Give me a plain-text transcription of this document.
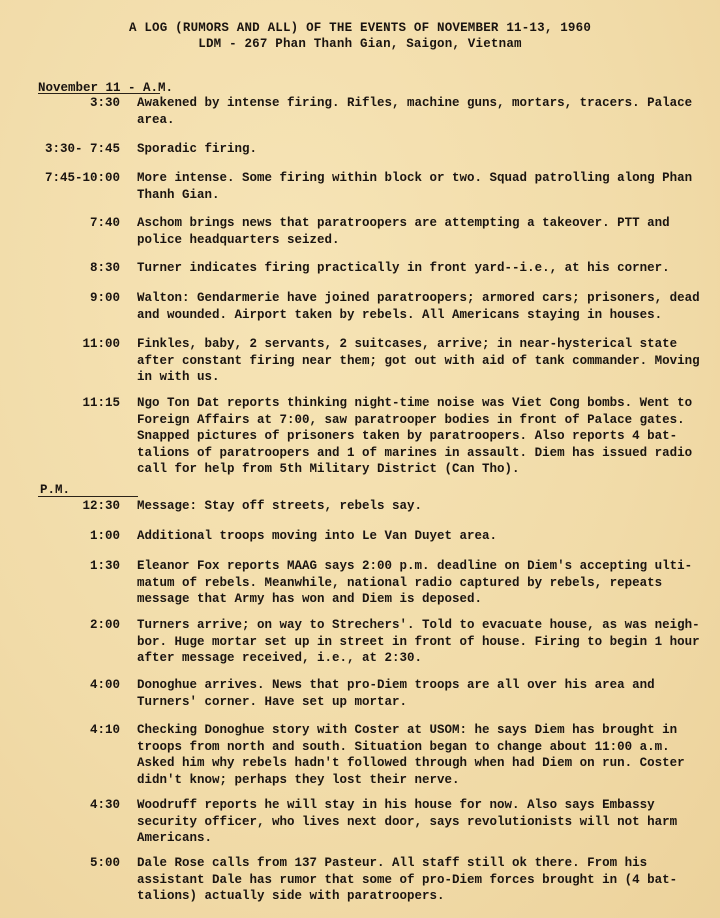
A LOG (RUMORS AND ALL) OF THE EVENTS OF NOVEMBER 11-13, 1960
LDM - 267 Phan Thanh Gian, Saigon, Vietnam
November 11 - A.M.
P.M.
3:30 Awakened by intense firing. Rifles, machine guns, mortars, tracers. Palace
area.
3:30- 7:45 Sporadic firing.
7:45-10:00 More intense. Some firing within block or two. Squad patrolling along Phan
Thanh Gian.
7:40 Aschom brings news that paratroopers are attempting a takeover. PTT and
police headquarters seized.
8:30 Turner indicates firing practically in front yard--i.e., at his corner.
9:00 Walton: Gendarmerie have joined paratroopers; armored cars; prisoners, dead
and wounded. Airport taken by rebels. All Americans staying in houses.
11:00 Finkles, baby, 2 servants, 2 suitcases, arrive; in near-hysterical state
after constant firing near them; got out with aid of tank commander. Moving
in with us.
11:15 Ngo Ton Dat reports thinking night-time noise was Viet Cong bombs. Went to
Foreign Affairs at 7:00, saw paratrooper bodies in front of Palace gates.
Snapped pictures of prisoners taken by paratroopers. Also reports 4 bat-
talions of paratroopers and 1 of marines in assault. Diem has issued radio
call for help from 5th Military District (Can Tho).
12:30 Message: Stay off streets, rebels say.
1:00 Additional troops moving into Le Van Duyet area.
1:30 Eleanor Fox reports MAAG says 2:00 p.m. deadline on Diem's accepting ulti-
matum of rebels. Meanwhile, national radio captured by rebels, repeats
message that Army has won and Diem is deposed.
2:00 Turners arrive; on way to Strechers'. Told to evacuate house, as was neigh-
bor. Huge mortar set up in street in front of house. Firing to begin 1 hour
after message received, i.e., at 2:30.
4:00 Donoghue arrives. News that pro-Diem troops are all over his area and
Turners' corner. Have set up mortar.
4:10 Checking Donoghue story with Coster at USOM: he says Diem has brought in
troops from north and south. Situation began to change about 11:00 a.m.
Asked him why rebels hadn't followed through when had Diem on run. Coster
didn't know; perhaps they lost their nerve.
4:30 Woodruff reports he will stay in his house for now. Also says Embassy
security officer, who lives next door, says revolutionists will not harm
Americans.
5:00 Dale Rose calls from 137 Pasteur. All staff still ok there. From his
assistant Dale has rumor that some of pro-Diem forces brought in (4 bat-
talions) actually side with paratroopers.
